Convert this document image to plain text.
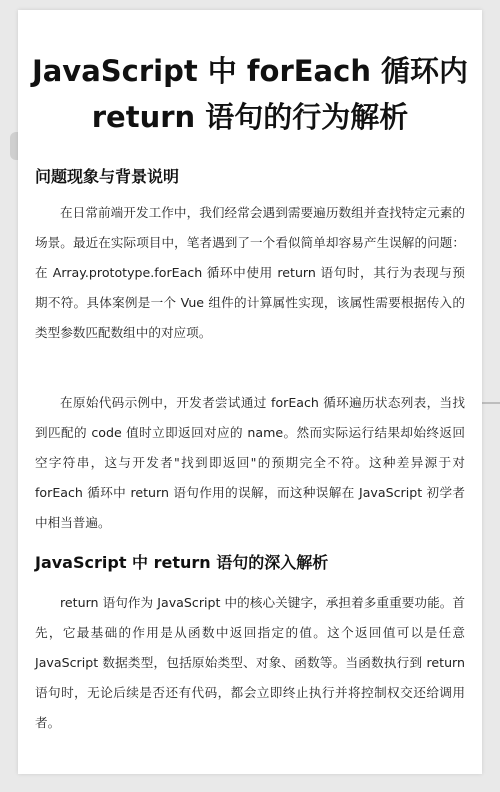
JavaScript 中 forEach 循环内
return 语句的行为解析
问题现象与背景说明

在日常前端开发工作中，我们经常会遇到需要遍历数组并查找特定元素的场景。最近在实际项目中，笔者遇到了一个看似简单却容易产生误解的问题：在 Array.prototype.forEach 循环中使用 return 语句时，其行为表现与预期不符。具体案例是一个 Vue 组件的计算属性实现，该属性需要根据传入的类型参数匹配数组中的对应项。

在原始代码示例中，开发者尝试通过 forEach 循环遍历状态列表，当找到匹配的 code 值时立即返回对应的 name。然而实际运行结果却始终返回空字符串，这与开发者"找到即返回"的预期完全不符。这种差异源于对 forEach 循环中 return 语句作用的误解，而这种误解在 JavaScript 初学者中相当普遍。

JavaScript 中 return 语句的深入解析

return 语句作为 JavaScript 中的核心关键字，承担着多重重要功能。首先，它最基础的作用是从函数中返回指定的值。这个返回值可以是任意 JavaScript 数据类型，包括原始类型、对象、函数等。当函数执行到 return 语句时，无论后续是否还有代码，都会立即终止执行并将控制权交还给调用者。
